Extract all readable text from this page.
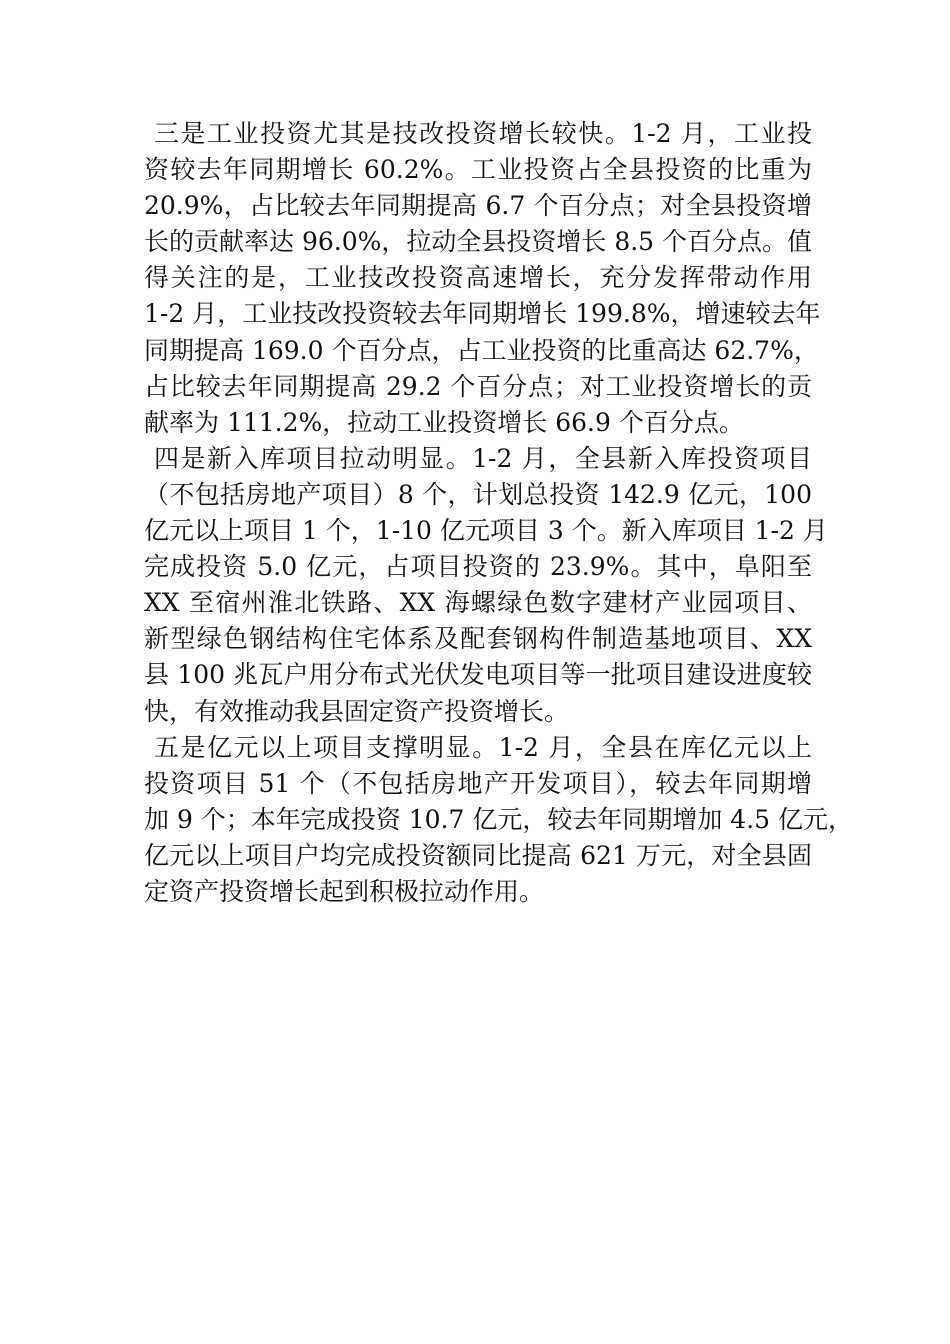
三是工业投资尤其是技改投资增长较快。1-2 月，工业投
资较去年同期增长 60.2%。工业投资占全县投资的比重为
20.9%，占比较去年同期提高 6.7 个百分点；对全县投资增
长的贡献率达 96.0%，拉动全县投资增长 8.5 个百分点。值
得关注的是，工业技改投资高速增长，充分发挥带动作用
1-2 月，工业技改投资较去年同期增长 199.8%，增速较去年
同期提高 169.0 个百分点，占工业投资的比重高达 62.7%，
占比较去年同期提高 29.2 个百分点；对工业投资增长的贡
献率为 111.2%，拉动工业投资增长 66.9 个百分点。
四是新入库项目拉动明显。1-2 月，全县新入库投资项目
（不包括房地产项目）8 个，计划总投资 142.9 亿元，100
亿元以上项目 1 个，1-10 亿元项目 3 个。新入库项目 1-2 月
完成投资 5.0 亿元，占项目投资的 23.9%。其中，阜阳至
XX 至宿州淮北铁路、XX 海螺绿色数字建材产业园项目、
新型绿色钢结构住宅体系及配套钢构件制造基地项目、XX
县 100 兆瓦户用分布式光伏发电项目等一批项目建设进度较
快，有效推动我县固定资产投资增长。
五是亿元以上项目支撑明显。1-2 月，全县在库亿元以上
投资项目 51 个（不包括房地产开发项目），较去年同期增
加 9 个；本年完成投资 10.7 亿元，较去年同期增加 4.5 亿元，
亿元以上项目户均完成投资额同比提高 621 万元，对全县固
定资产投资增长起到积极拉动作用。
